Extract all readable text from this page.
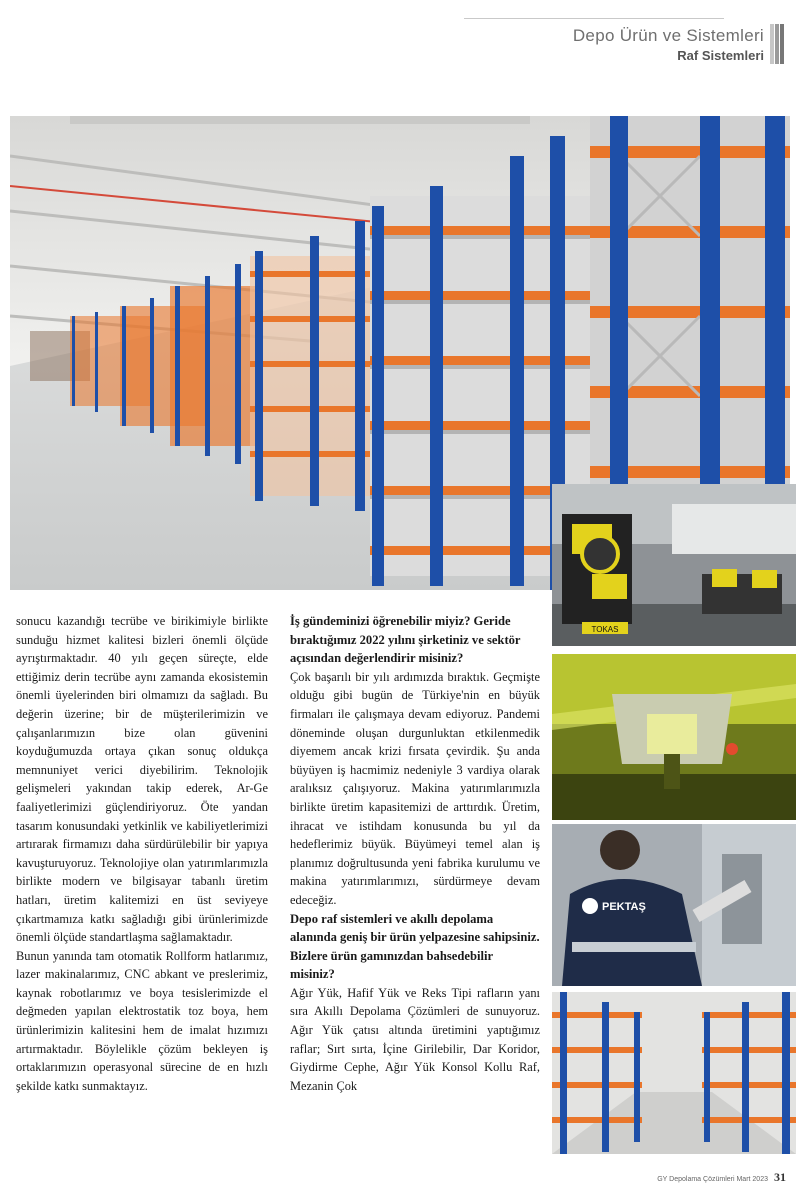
Depo Ürün ve Sistemleri
Raf Sistemleri
TOKAS
PEKTAŞ

sonucu kazandığı tecrübe ve birikimiyle birlikte sunduğu hizmet kalitesi bizleri önemli ölçüde ayrıştırmaktadır. 40 yılı geçen süreçte, elde ettiğimiz derin tecrübe aynı zamanda ekosistemin önemli üyelerinden biri olmamızı da sağladı. Bu değerin üzerine; bir de müşterilerimizin ve çalışanlarımızın bize olan güvenini koyduğumuzda ortaya çıkan sonuç oldukça memnuniyet verici diyebilirim. Teknolojik gelişmeleri yakından takip ederek, Ar-Ge faaliyetlerimizi güçlendiriyoruz. Öte yandan tasarım konusundaki yetkinlik ve kabiliyetlerimizi artırarak firmamızı daha sürdürülebilir bir yapıya kavuşturuyoruz. Teknolojiye olan yatırımlarımızla birlikte modern ve bilgisayar tabanlı üretim hatları, üretim kalitemizi en üst seviyeye çıkartmamıza katkı sağladığı gibi ürünlerimizde önemli ölçüde standartlaşma sağlamaktadır.

Bunun yanında tam otomatik Rollform hatlarımız, lazer makinalarımız, CNC abkant ve preslerimiz, kaynak robotlarımız ve boya tesislerimizde el değmeden yapılan elektrostatik toz boya, hem ürünlerimizin kalitesini hem de imalat hızımızı artırmaktadır. Böylelikle çözüm bekleyen iş ortaklarımızın operasyonal sürecine de en hızlı şekilde katkı sunmaktayız.

İş gündeminizi öğrenebilir miyiz? Geride bıraktığımız 2022 yılını şirketiniz ve sektör açısından değerlendirir misiniz?

Çok başarılı bir yılı ardımızda bıraktık. Geçmişte olduğu gibi bugün de Türkiye'nin en büyük firmaları ile çalışmaya devam ediyoruz. Pandemi döneminde oluşan durgunluktan etkilenmedik diyemem ancak krizi fırsata çevirdik. Şu anda büyüyen iş hacmimiz nedeniyle 3 vardiya olarak aralıksız çalışıyoruz. Makina yatırımlarımızla birlikte üretim kapasitemizi de arttırdık. Üretim, ihracat ve istihdam konusunda bu yıl da hedeflerimiz büyük. Büyümeyi temel alan iş planımız doğrultusunda yeni fabrika kurulumu ve makina yatırımlarımızı, sürdürmeye devam edeceğiz.

Depo raf sistemleri ve akıllı depolama alanında geniş bir ürün yelpazesine sahipsiniz. Bizlere ürün gamınızdan bahsedebilir misiniz?

Ağır Yük, Hafif Yük ve Reks Tipi rafların yanı sıra Akıllı Depolama Çözümleri de sunuyoruz. Ağır Yük çatısı altında üretimini yaptığımız raflar; Sırt sırta, İçine Girilebilir, Dar Koridor, Giydirme Cephe, Ağır Yük Konsol Kollu Raf, Mezanin Çok

GY Depolama Çözümleri Mart 2023 31
